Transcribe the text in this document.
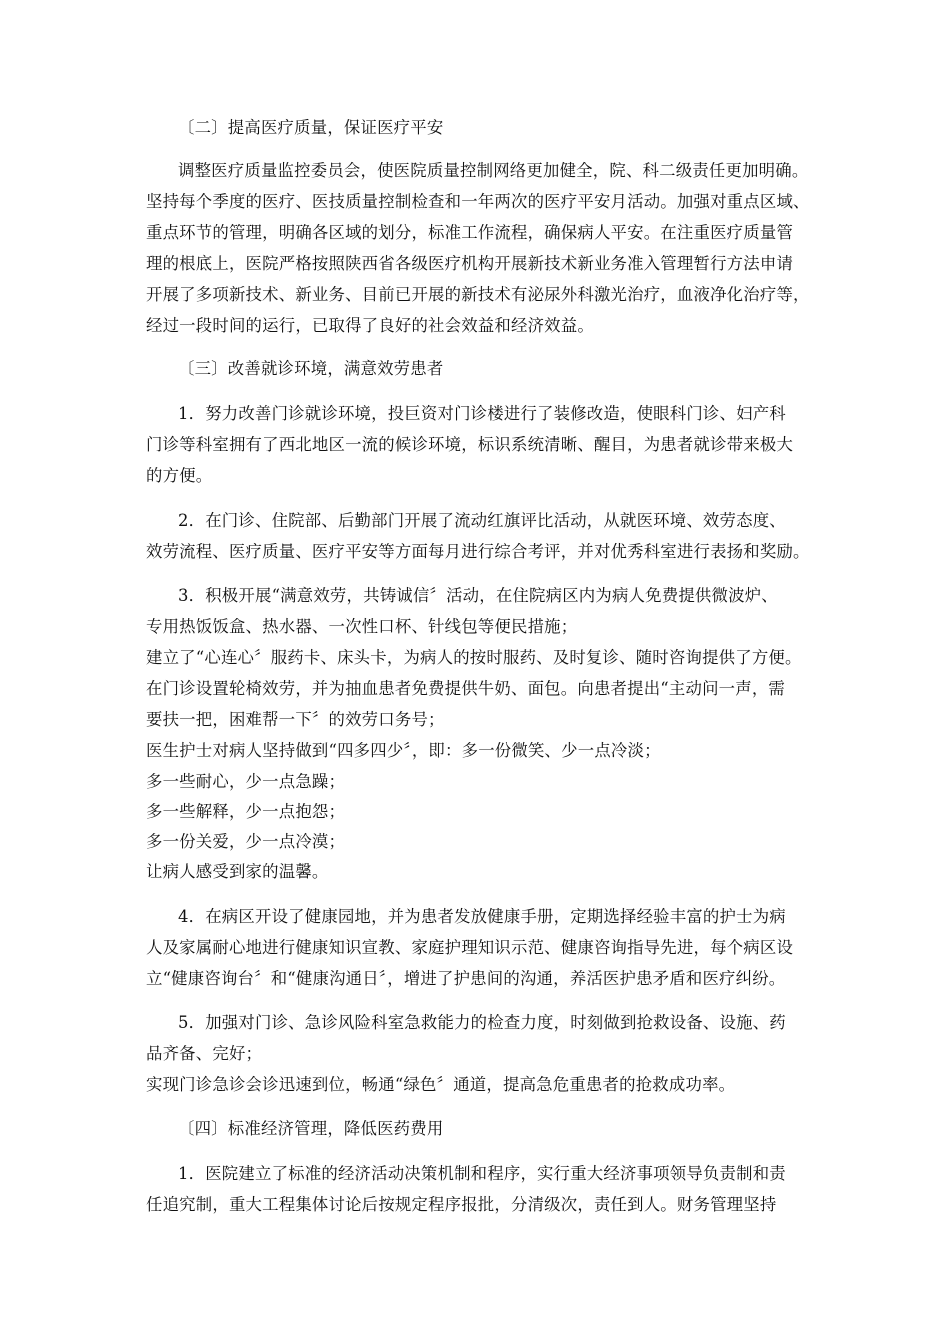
〔二〕提高医疗质量，保证医疗平安
调整医疗质量监控委员会，使医院质量控制网络更加健全，院、科二级责任更加明确。
坚持每个季度的医疗、医技质量控制检查和一年两次的医疗平安月活动。加强对重点区域、
重点环节的管理，明确各区域的划分，标准工作流程，确保病人平安。在注重医疗质量管
理的根底上，医院严格按照陕西省各级医疗机构开展新技术新业务准入管理暂行方法申请
开展了多项新技术、新业务、目前已开展的新技术有泌尿外科激光治疗，血液净化治疗等，
经过一段时间的运行，已取得了良好的社会效益和经济效益。
〔三〕改善就诊环境，满意效劳患者
1．努力改善门诊就诊环境，投巨资对门诊楼进行了装修改造，使眼科门诊、妇产科
门诊等科室拥有了西北地区一流的候诊环境，标识系统清晰、醒目，为患者就诊带来极大
的方便。
2．在门诊、住院部、后勤部门开展了流动红旗评比活动，从就医环境、效劳态度、
效劳流程、医疗质量、医疗平安等方面每月进行综合考评，并对优秀科室进行表扬和奖励。
3．积极开展“满意效劳，共铸诚信〞活动，在住院病区内为病人免费提供微波炉、
专用热饭饭盒、热水器、一次性口杯、针线包等便民措施；
建立了“心连心〞服药卡、床头卡，为病人的按时服药、及时复诊、随时咨询提供了方便。
在门诊设置轮椅效劳，并为抽血患者免费提供牛奶、面包。向患者提出“主动问一声，需
要扶一把，困难帮一下〞的效劳口务号；
医生护士对病人坚持做到“四多四少〞，即：多一份微笑、少一点冷淡；
多一些耐心，少一点急躁；
多一些解释，少一点抱怨；
多一份关爱，少一点冷漠；
让病人感受到家的温馨。
4．在病区开设了健康园地，并为患者发放健康手册，定期选择经验丰富的护士为病
人及家属耐心地进行健康知识宣教、家庭护理知识示范、健康咨询指导先进，每个病区设
立“健康咨询台〞和“健康沟通日〞，增进了护患间的沟通，养活医护患矛盾和医疗纠纷。
5．加强对门诊、急诊风险科室急救能力的检查力度，时刻做到抢救设备、设施、药
品齐备、完好；
实现门诊急诊会诊迅速到位，畅通“绿色〞通道，提高急危重患者的抢救成功率。
〔四〕标准经济管理，降低医药费用
1．医院建立了标准的经济活动决策机制和程序，实行重大经济事项领导负责制和责
任追究制，重大工程集体讨论后按规定程序报批，分清级次，责任到人。财务管理坚持
